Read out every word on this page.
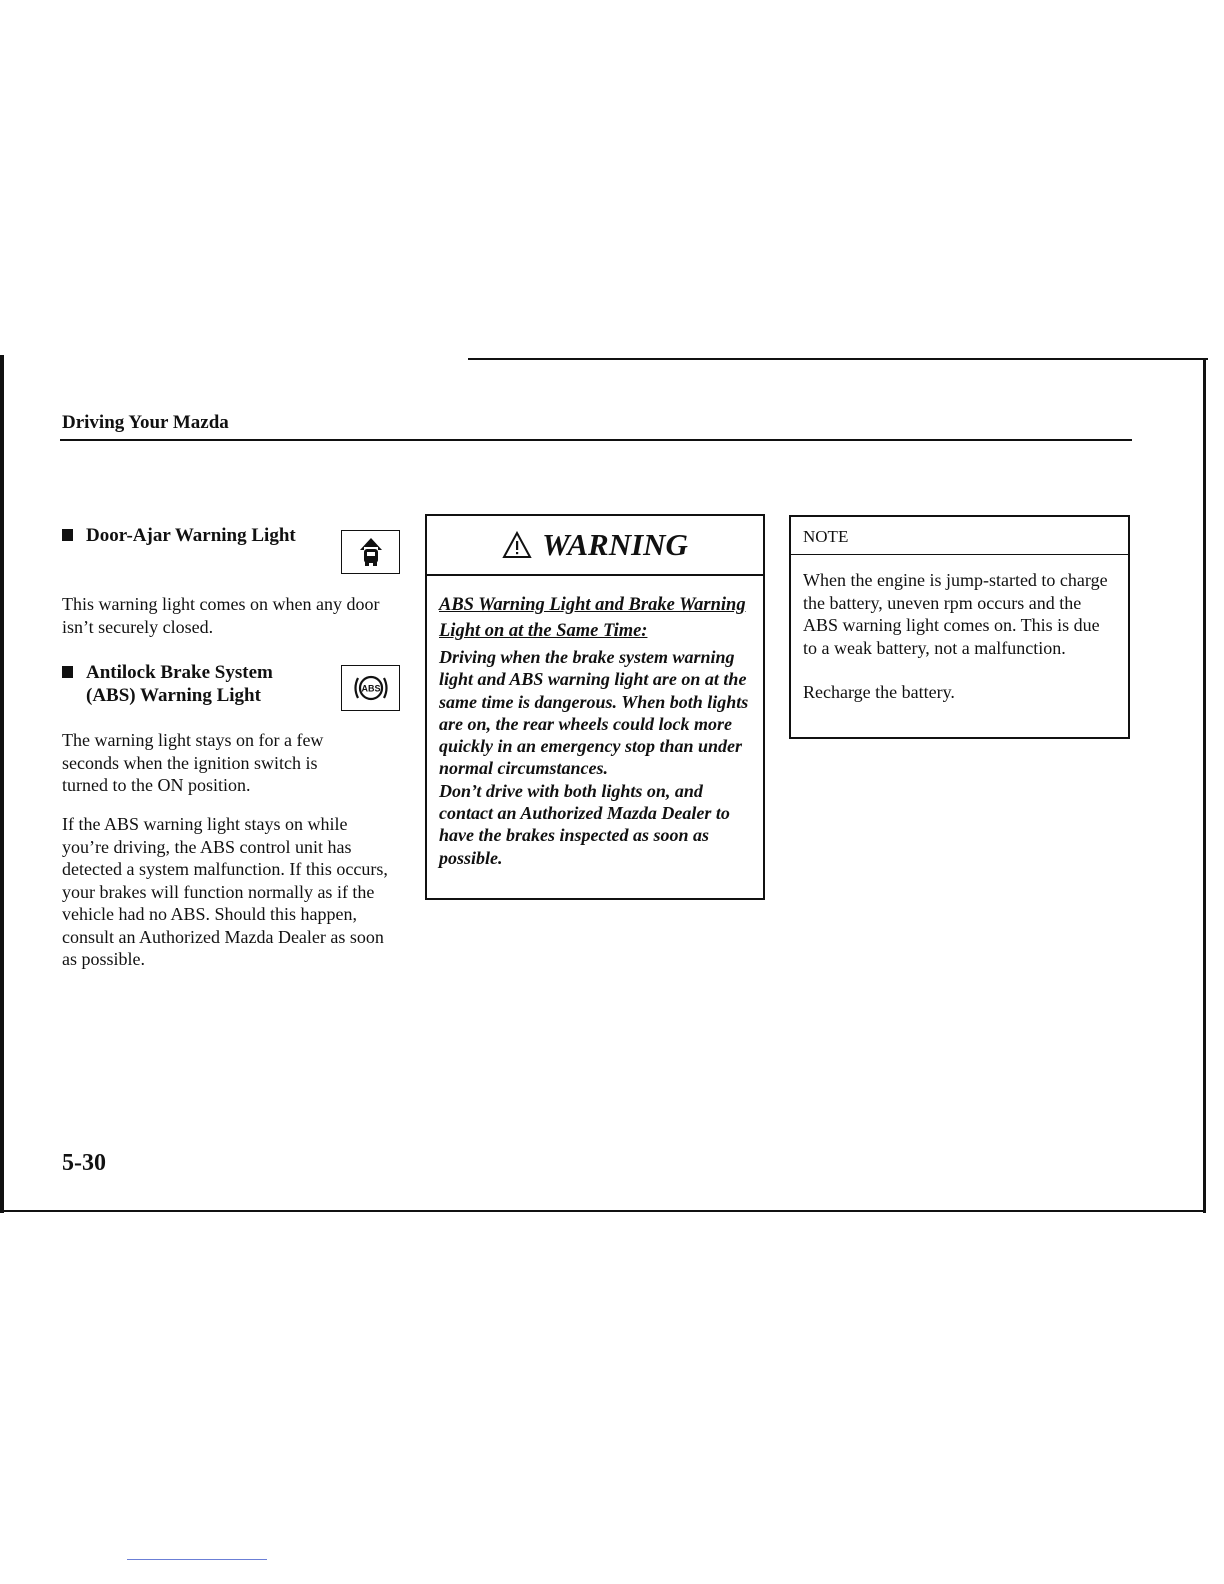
Driving Your Mazda
Door-Ajar Warning Light

This warning light comes on when any door isn’t securely closed.

Antilock Brake System
(ABS) Warning Light	ABS

The warning light stays on for a few seconds when the ignition switch is turned to the ON position.

If the ABS warning light stays on while you’re driving, the ABS control unit has detected a system malfunction. If this occurs, your brakes will function normally as if the vehicle had no ABS. Should this happen, consult an Authorized Mazda Dealer as soon as possible.

WARNING
ABS Warning Light and Brake Warning Light on at the Same Time:
Driving when the brake system warning light and ABS warning light are on at the same time is dangerous. When both lights are on, the rear wheels could lock more quickly in an emergency stop than under normal circumstances.
Don’t drive with both lights on, and contact an Authorized Mazda Dealer to have the brakes inspected as soon as possible.
NOTE

When the engine is jump-started to charge the battery, uneven rpm occurs and the ABS warning light comes on. This is due to a weak battery, not a malfunction.

Recharge the battery.

5-30
